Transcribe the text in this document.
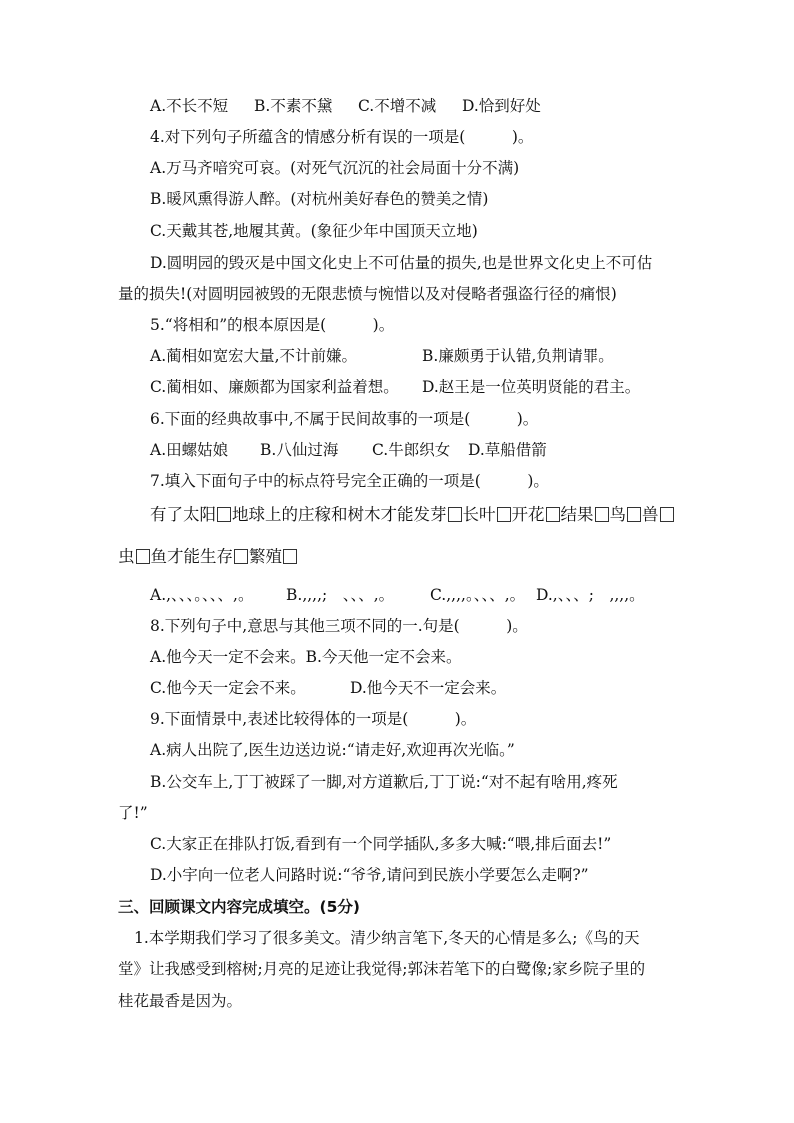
A.不长不短 B.不素不黛 C.不增不减 D.恰到好处
4.对下列句子所蕴含的情感分析有误的一项是(　　　)。
A.万马齐喑究可哀。(对死气沉沉的社会局面十分不满)
B.暖风熏得游人醉。(对杭州美好春色的赞美之情)
C.天戴其苍,地履其黄。(象征少年中国顶天立地)
D.圆明园的毁灭是中国文化史上不可估量的损失,也是世界文化史上不可估
量的损失!(对圆明园被毁的无限悲愤与惋惜以及对侵略者强盗行径的痛恨)
5.“将相和”的根本原因是(　　　)。
A.蔺相如宽宏大量,不计前嫌。	B.廉颇勇于认错,负荆请罪。
C.蔺相如、廉颇都为国家利益着想。 D.赵王是一位英明贤能的君主。
6.下面的经典故事中,不属于民间故事的一项是(　　　)。
A.田螺姑娘 B.八仙过海 C.牛郎织女 D.草船借箭
7.填入下面句子中的标点符号完全正确的一项是(　　　)。
有了太阳 地球上的庄稼和树木才能发芽 长叶 开花 结果 鸟 兽
虫 鱼才能生存 繁殖
A.,、、、。、、、,。 B.,,,,;　、、、,。 C.,,,,。、、、,。 D.,、、、;　,,,,。
8.下列句子中,意思与其他三项不同的一.句是(　　　)。
A.他今天一定不会来。B.今天他一定不会来。
C.他今天一定会不来。	D.他今天不一定会来。
9.下面情景中,表述比较得体的一项是(　　　)。
A.病人出院了,医生边送边说:“请走好,欢迎再次光临。”
B.公交车上,丁丁被踩了一脚,对方道歉后,丁丁说:“对不起有啥用,疼死
了!”
C.大家正在排队打饭,看到有一个同学插队,多多大喊:“喂,排后面去!”
D.小宇向一位老人问路时说:“爷爷,请问到民族小学要怎么走啊?”
三、回顾课文内容完成填空。(5分)
1.本学期我们学习了很多美文。清少纳言笔下,冬天的心情是多么;《鸟的天
堂》让我感受到榕树;月亮的足迹让我觉得;郭沫若笔下的白鹭像;家乡院子里的
桂花最香是因为。
